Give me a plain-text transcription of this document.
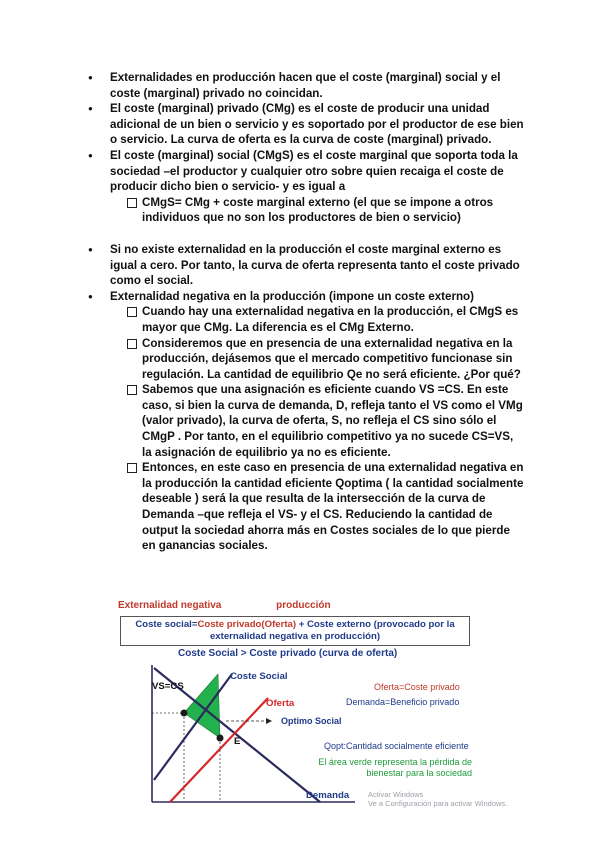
● Externalidades en producción hacen que el coste (marginal) social y el coste (marginal) privado no coincidan.

● El coste (marginal) privado (CMg) es el coste de producir una unidad adicional de un bien o servicio y es soportado por el productor de ese bien o servicio. La curva de oferta es la curva de coste (marginal) privado.

● El coste (marginal) social (CMgS) es el coste marginal que soporta toda la sociedad –el productor y cualquier otro sobre quien recaiga el coste de producir dicho bien o servicio- y es igual a

CMgS= CMg + coste marginal externo (el que se impone a otros individuos que no son los productores de bien o servicio)

● Si no existe externalidad en la producción el coste marginal externo es igual a cero. Por tanto, la curva de oferta representa tanto el coste privado como el social.

● Externalidad negativa en la producción (impone un coste externo)

Cuando hay una externalidad negativa en la producción, el CMgS es mayor que CMg. La diferencia es el CMg Externo.

Consideremos que en presencia de una externalidad negativa en la producción, dejásemos que el mercado competitivo funcionase sin regulación. La cantidad de equilibrio Qe no será eficiente. ¿Por qué?

Sabemos que una asignación es eficiente cuando VS =CS. En este caso, si bien la curva de demanda, D, refleja tanto el VS como el VMg (valor privado), la curva de oferta, S, no refleja el CS sino sólo el CMgP . Por tanto, en el equilibrio competitivo ya no sucede CS=VS, la asignación de equilibrio ya no es eficiente.

Entonces, en este caso en presencia de una externalidad negativa en la producción la cantidad eficiente Qoptima ( la cantidad socialmente deseable ) será la que resulta de la intersección de la curva de Demanda –que refleja el VS- y el CS. Reduciendo la cantidad de output la sociedad ahorra más en Costes sociales de lo que pierde en ganancias sociales.

Externalidad negativa	producción
Coste social=Coste privado(Oferta) + Coste externo (provocado por la externalidad negativa en producción)
Coste Social > Coste privado (curva de oferta)
VS=CS
Coste Social
Oferta
Optimo Social
E
Demanda
Oferta=Coste privado
Demanda=Beneficio privado
Qopt:Cantidad socialmente eficiente
El área verde representa la pérdida de bienestar para la sociedad
Activar Windows
Ve a Configuración para activar Windows.
